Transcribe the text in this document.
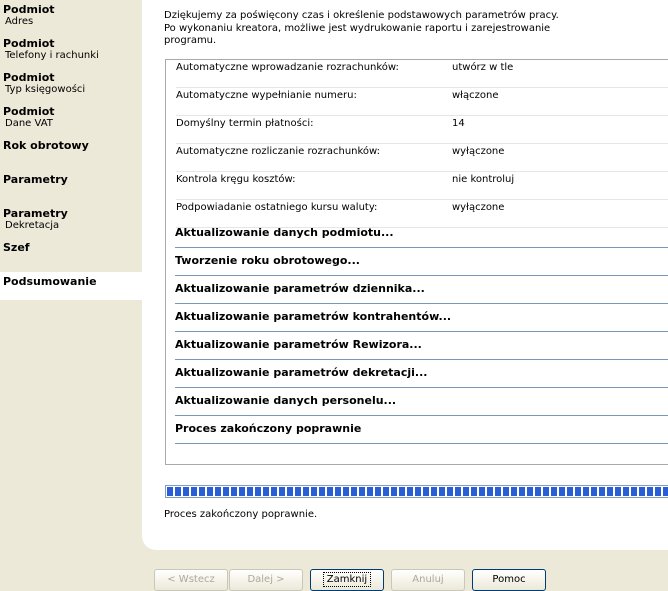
Podmiot
Adres
Podmiot
Telefony i rachunki
Podmiot
Typ księgowości
Podmiot
Dane VAT
Rok obrotowy
Parametry
Parametry
Dekretacja
Szef
Podsumowanie
Dziękujemy za poświęcony czas i określenie podstawowych parametrów pracy.
Po wykonaniu kreatora, możliwe jest wydrukowanie raportu i zarejestrowanie
programu.
Automatyczne wprowadzanie rozrachunków:	utwórz w tle
Automatyczne wypełnianie numeru:	włączone
Domyślny termin płatności:	14
Automatyczne rozliczanie rozrachunków:	wyłączone
Kontrola kręgu kosztów:	nie kontroluj
Podpowiadanie ostatniego kursu waluty:	wyłączone
Aktualizowanie danych podmiotu...
Tworzenie roku obrotowego...
Aktualizowanie parametrów dziennika...
Aktualizowanie parametrów kontrahentów...
Aktualizowanie parametrów Rewizora...
Aktualizowanie parametrów dekretacji...
Aktualizowanie danych personelu...
Proces zakończony poprawnie
Proces zakończony poprawnie.
< Wstecz	Dalej >	Zamknij	Anuluj	Pomoc
